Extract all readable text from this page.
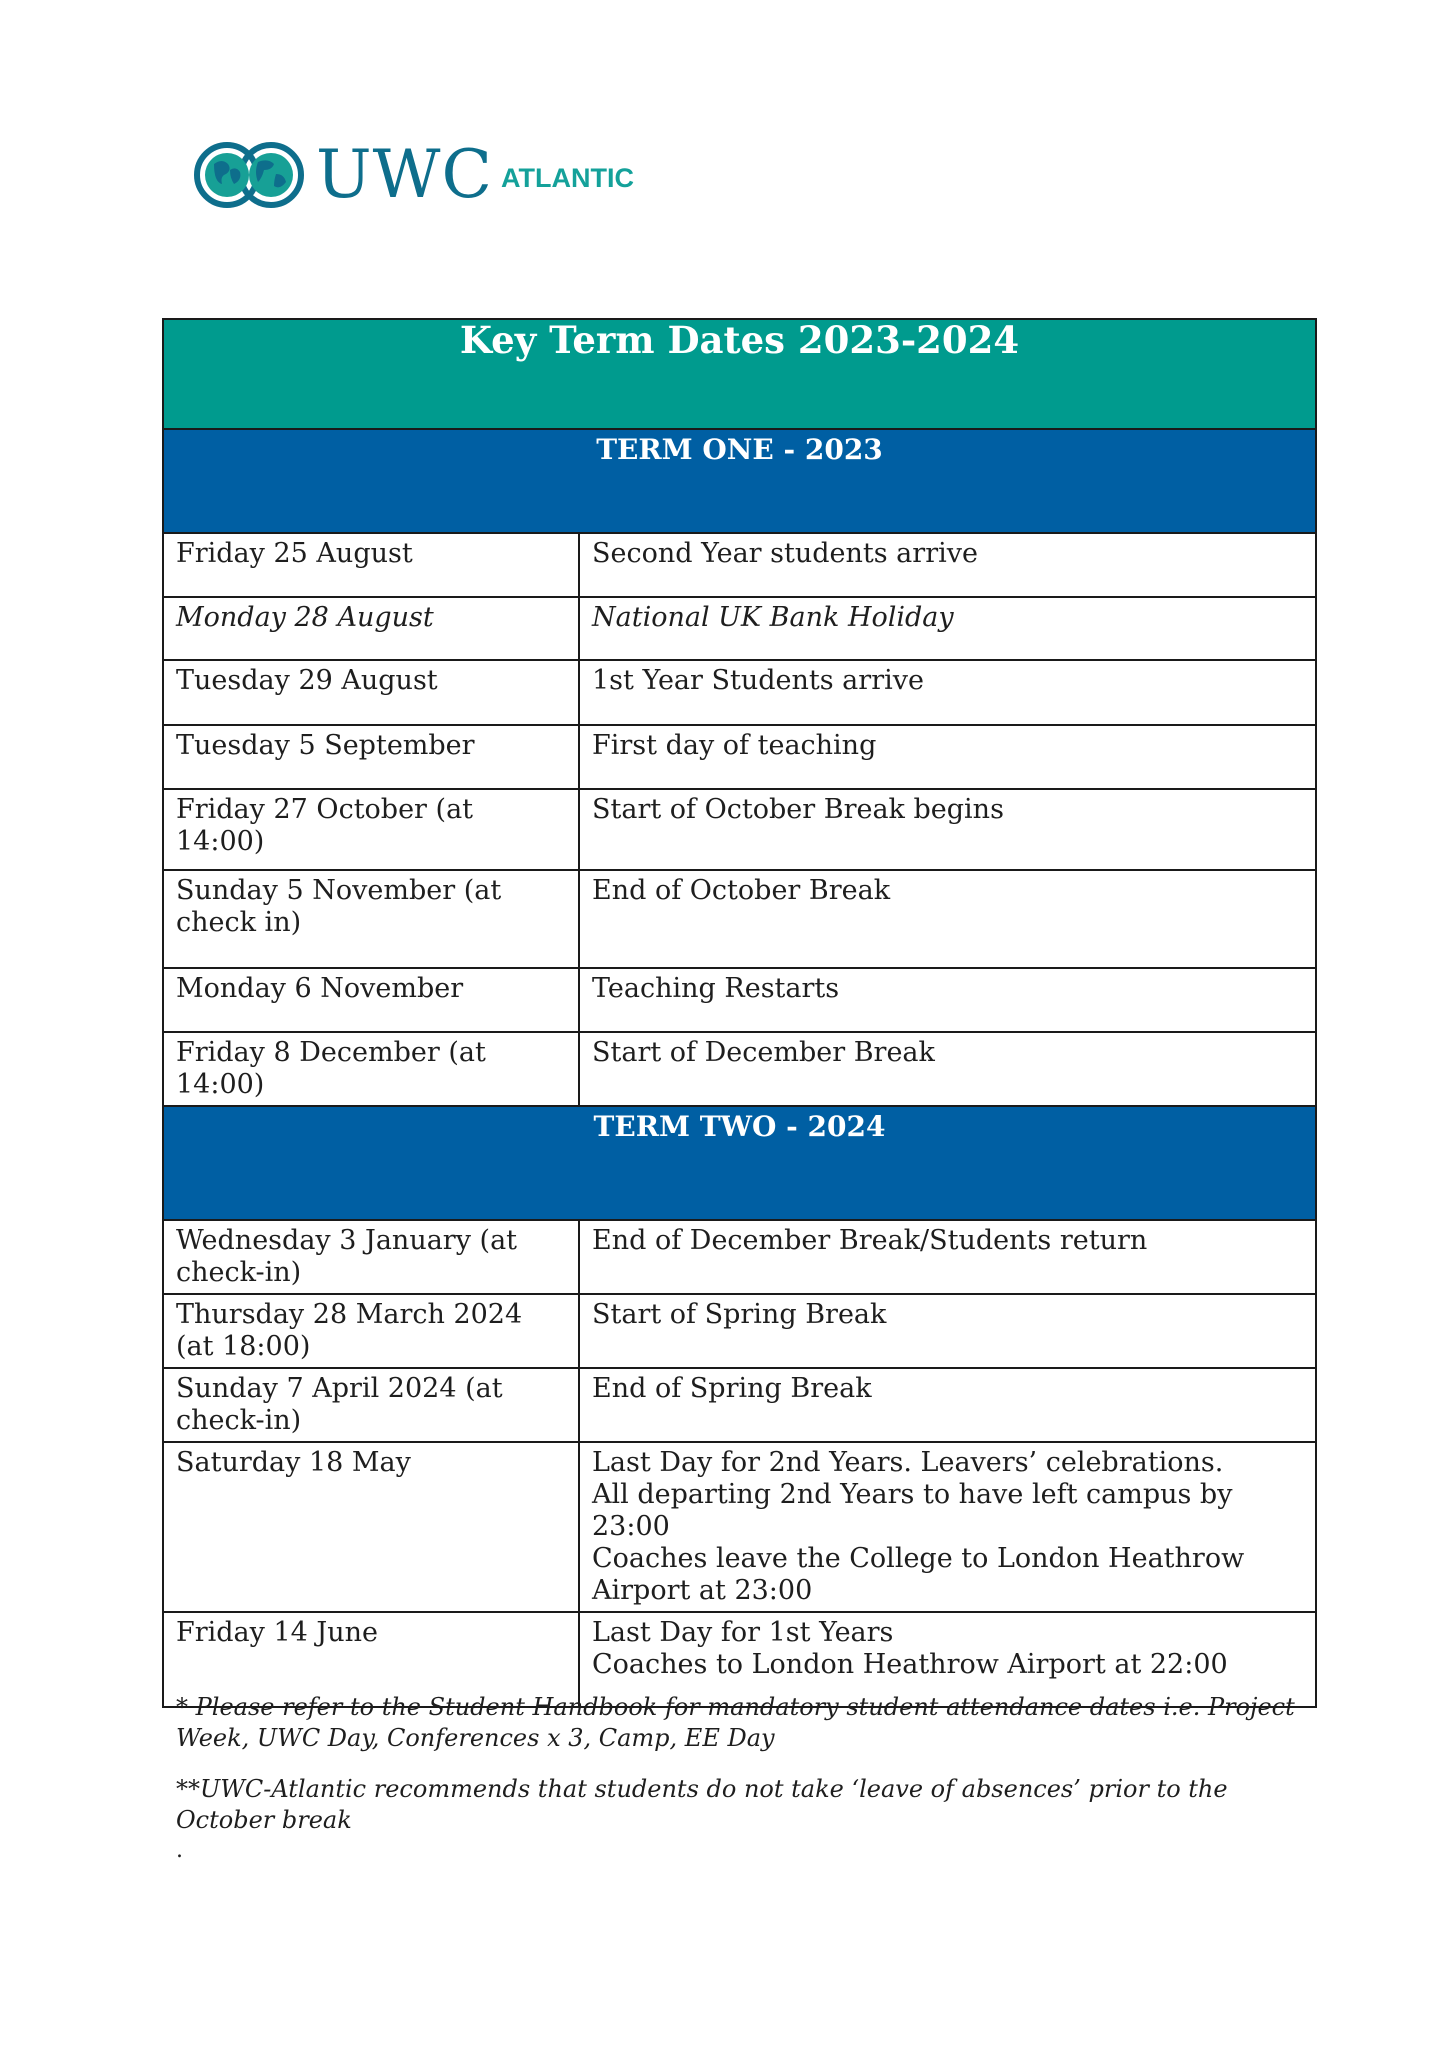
UWC ATLANTIC
Key Term Dates 2023-2024	
TERM ONE - 2023	
Friday 25 August	Second Year students arrive
Monday 28 August	National UK Bank Holiday
Tuesday 29 August	1st Year Students arrive
Tuesday 5 September	First day of teaching
Friday 27 October (at 14:00)	Start of October Break begins
Sunday 5 November (at check in)	End of October Break
Monday 6 November	Teaching Restarts
Friday 8 December (at 14:00)	Start of December Break
TERM TWO - 2024	
Wednesday 3 January (at check-in)	End of December Break/Students return
Thursday 28 March 2024 (at 18:00)	Start of Spring Break
Sunday 7 April 2024 (at check-in)	End of Spring Break
Saturday 18 May	Last Day for 2nd Years. Leavers’ celebrations.
All departing 2nd Years to have left campus by
23:00
Coaches leave the College to London Heathrow
Airport at 23:00

Friday 14 June	Last Day for 1st Years
Coaches to London Heathrow Airport at 22:00

* Please refer to the Student Handbook for mandatory student attendance dates i.e. Project Week, UWC Day, Conferences x 3, Camp, EE Day

**UWC-Atlantic recommends that students do not take ‘leave of absences’ prior to the October break

.
